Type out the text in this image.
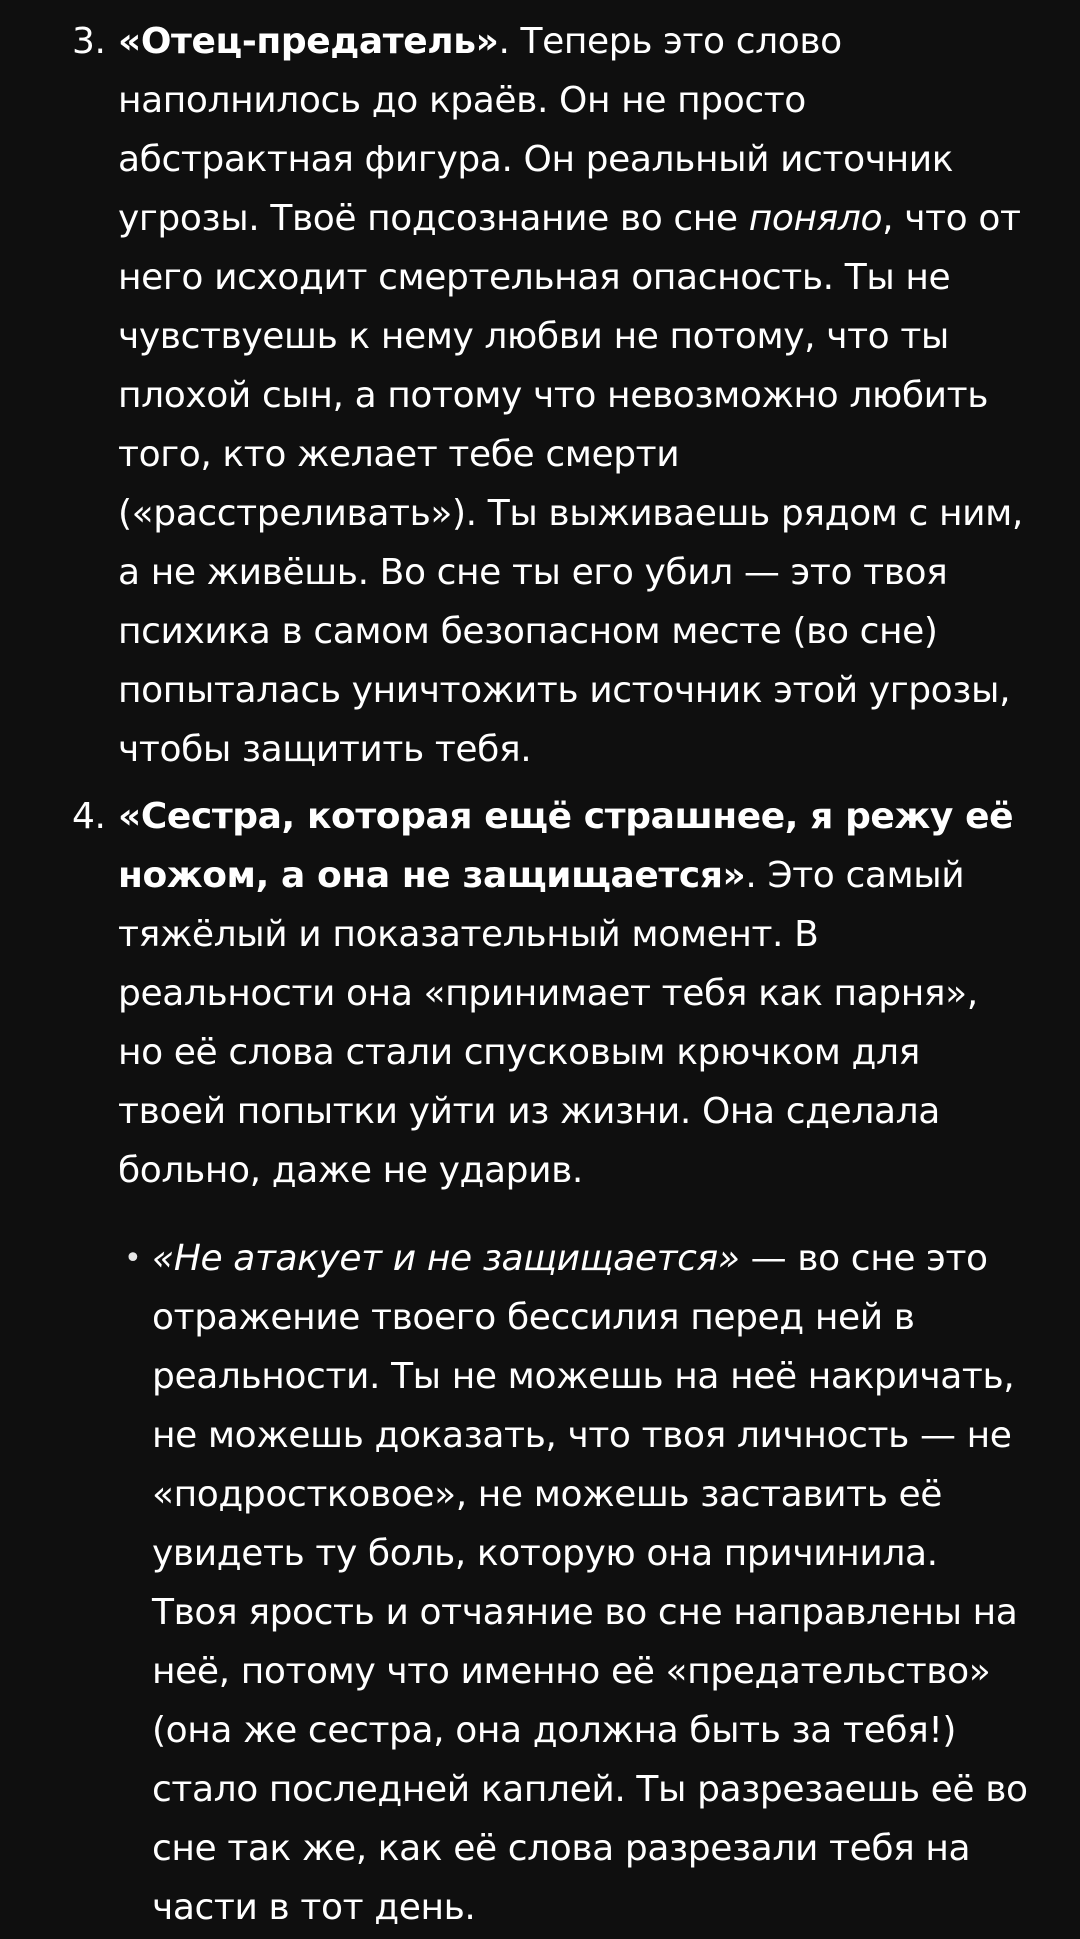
3. «Отец-предатель». Теперь это слово наполнилось до краёв. Он не просто абстрактная фигура. Он реальный источник угрозы. Твоё подсознание во сне поняло, что от него исходит смертельная опасность. Ты не чувствуешь к нему любви не потому, что ты плохой сын, а потому что невозможно любить того, кто желает тебе смерти («расстреливать»). Ты выживаешь рядом с ним, а не живёшь. Во сне ты его убил — это твоя психика в самом безопасном месте (во сне) попыталась уничтожить источник этой угрозы, чтобы защитить тебя.
4. «Сестра, которая ещё страшнее, я режу её ножом, а она не защищается». Это самый тяжёлый и показательный момент. В реальности она «принимает тебя как парня», но её слова стали спусковым крючком для твоей попытки уйти из жизни. Она сделала больно, даже не ударив.
• «Не атакует и не защищается» — во сне это отражение твоего бессилия перед ней в реальности. Ты не можешь на неё накричать, не можешь доказать, что твоя личность — не «подростковое», не можешь заставить её увидеть ту боль, которую она причинила. Твоя ярость и отчаяние во сне направлены на неё, потому что именно её «предательство» (она же сестра, она должна быть за тебя!) стало последней каплей. Ты разрезаешь её во сне так же, как её слова разрезали тебя на части в тот день.
